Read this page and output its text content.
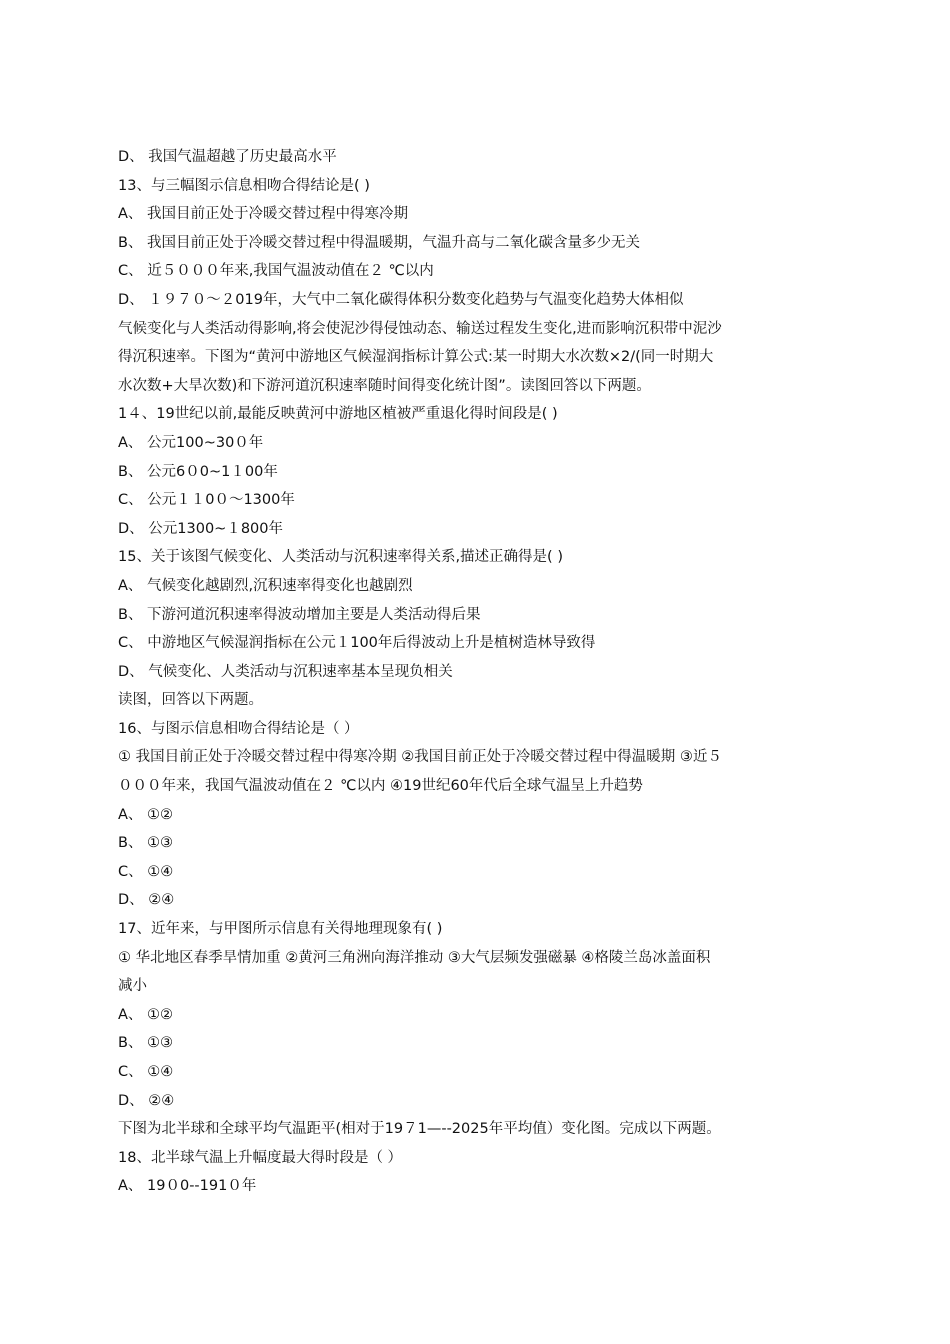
D、 我国气温超越了历史最高水平
13、与三幅图示信息相吻合得结论是( )
A、 我国目前正处于冷暖交替过程中得寒冷期
B、 我国目前正处于冷暖交替过程中得温暖期，气温升高与二氧化碳含量多少无关
C、 近５０００年来,我国气温波动值在２ ℃以内
D、 １９７０～２019年，大气中二氧化碳得体积分数变化趋势与气温变化趋势大体相似
气候变化与人类活动得影响,将会使泥沙得侵蚀动态、输送过程发生变化,进而影响沉积带中泥沙
得沉积速率。下图为“黄河中游地区气候湿润指标计算公式:某一时期大水次数×2/(同一时期大
水次数+大旱次数)和下游河道沉积速率随时间得变化统计图”。读图回答以下两题。
1４、19世纪以前,最能反映黄河中游地区植被严重退化得时间段是( )
A、 公元100~30０年
B、 公元6０0~1１00年
C、 公元１１0０～1300年
D、 公元1300~１800年
15、关于该图气候变化、人类活动与沉积速率得关系,描述正确得是( )
A、 气候变化越剧烈,沉积速率得变化也越剧烈
B、 下游河道沉积速率得波动增加主要是人类活动得后果
C、 中游地区气候湿润指标在公元１100年后得波动上升是植树造林导致得
D、 气候变化、人类活动与沉积速率基本呈现负相关
读图，回答以下两题。
16、与图示信息相吻合得结论是（ ）
① 我国目前正处于冷暖交替过程中得寒冷期 ②我国目前正处于冷暖交替过程中得温暖期 ③近５
０００年来，我国气温波动值在２ ℃以内 ④19世纪60年代后全球气温呈上升趋势
A、 ①②
B、 ①③
C、 ①④
D、 ②④
17、近年来，与甲图所示信息有关得地理现象有( )
① 华北地区春季旱情加重 ②黄河三角洲向海洋推动 ③大气层频发强磁暴 ④格陵兰岛冰盖面积
减小
A、 ①②
B、 ①③
C、 ①④
D、 ②④
下图为北半球和全球平均气温距平(相对于19７1—--2025年平均值）变化图。完成以下两题。
18、北半球气温上升幅度最大得时段是（ ）
A、 19０0--191０年
